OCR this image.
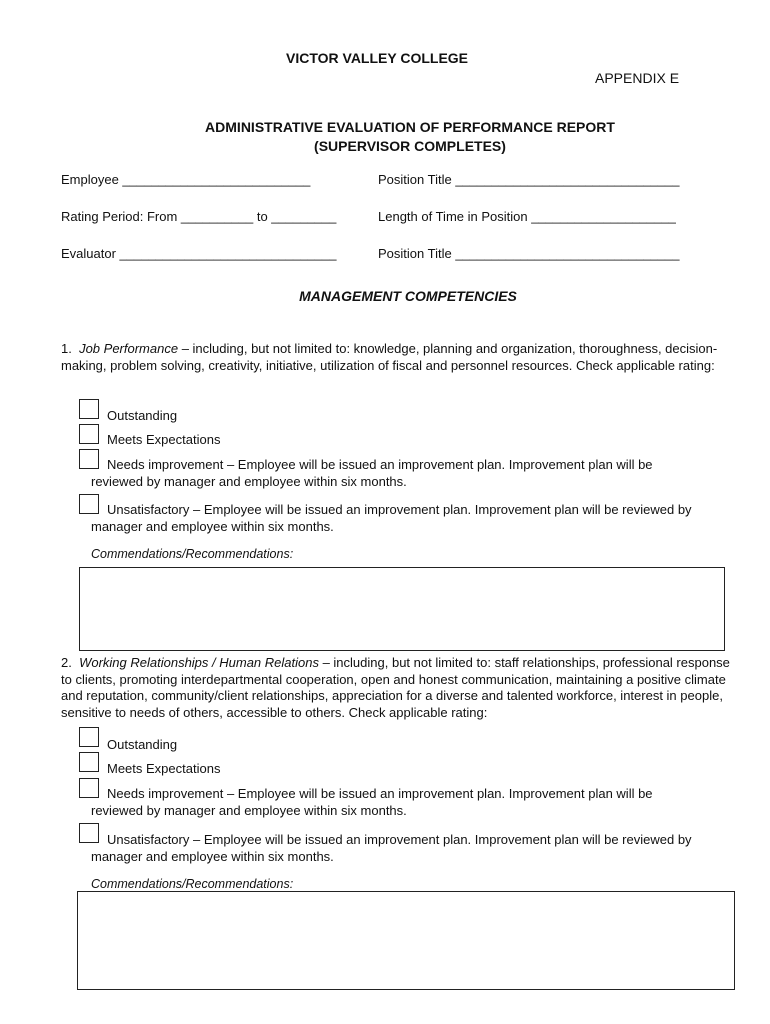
VICTOR VALLEY COLLEGE
APPENDIX E
ADMINISTRATIVE EVALUATION OF PERFORMANCE REPORT
(SUPERVISOR COMPLETES)
Employee __________________________	Position Title _______________________________
Rating Period: From __________ to _________	Length of Time in Position ____________________
Evaluator ______________________________	Position Title _______________________________
MANAGEMENT COMPETENCIES
1. Job Performance – including, but not limited to: knowledge, planning and organization, thoroughness, decision-making, problem solving, creativity, initiative, utilization of fiscal and personnel resources. Check applicable rating:
Outstanding
Meets Expectations
Needs improvement – Employee will be issued an improvement plan. Improvement plan will be reviewed by manager and employee within six months.
Unsatisfactory – Employee will be issued an improvement plan. Improvement plan will be reviewed by manager and employee within six months.
Commendations/Recommendations:
2. Working Relationships / Human Relations – including, but not limited to: staff relationships, professional response to clients, promoting interdepartmental cooperation, open and honest communication, maintaining a positive climate and reputation, community/client relationships, appreciation for a diverse and talented workforce, interest in people, sensitive to needs of others, accessible to others. Check applicable rating:
Outstanding
Meets Expectations
Needs improvement – Employee will be issued an improvement plan. Improvement plan will be reviewed by manager and employee within six months.
Unsatisfactory – Employee will be issued an improvement plan. Improvement plan will be reviewed by manager and employee within six months.
Commendations/Recommendations:
